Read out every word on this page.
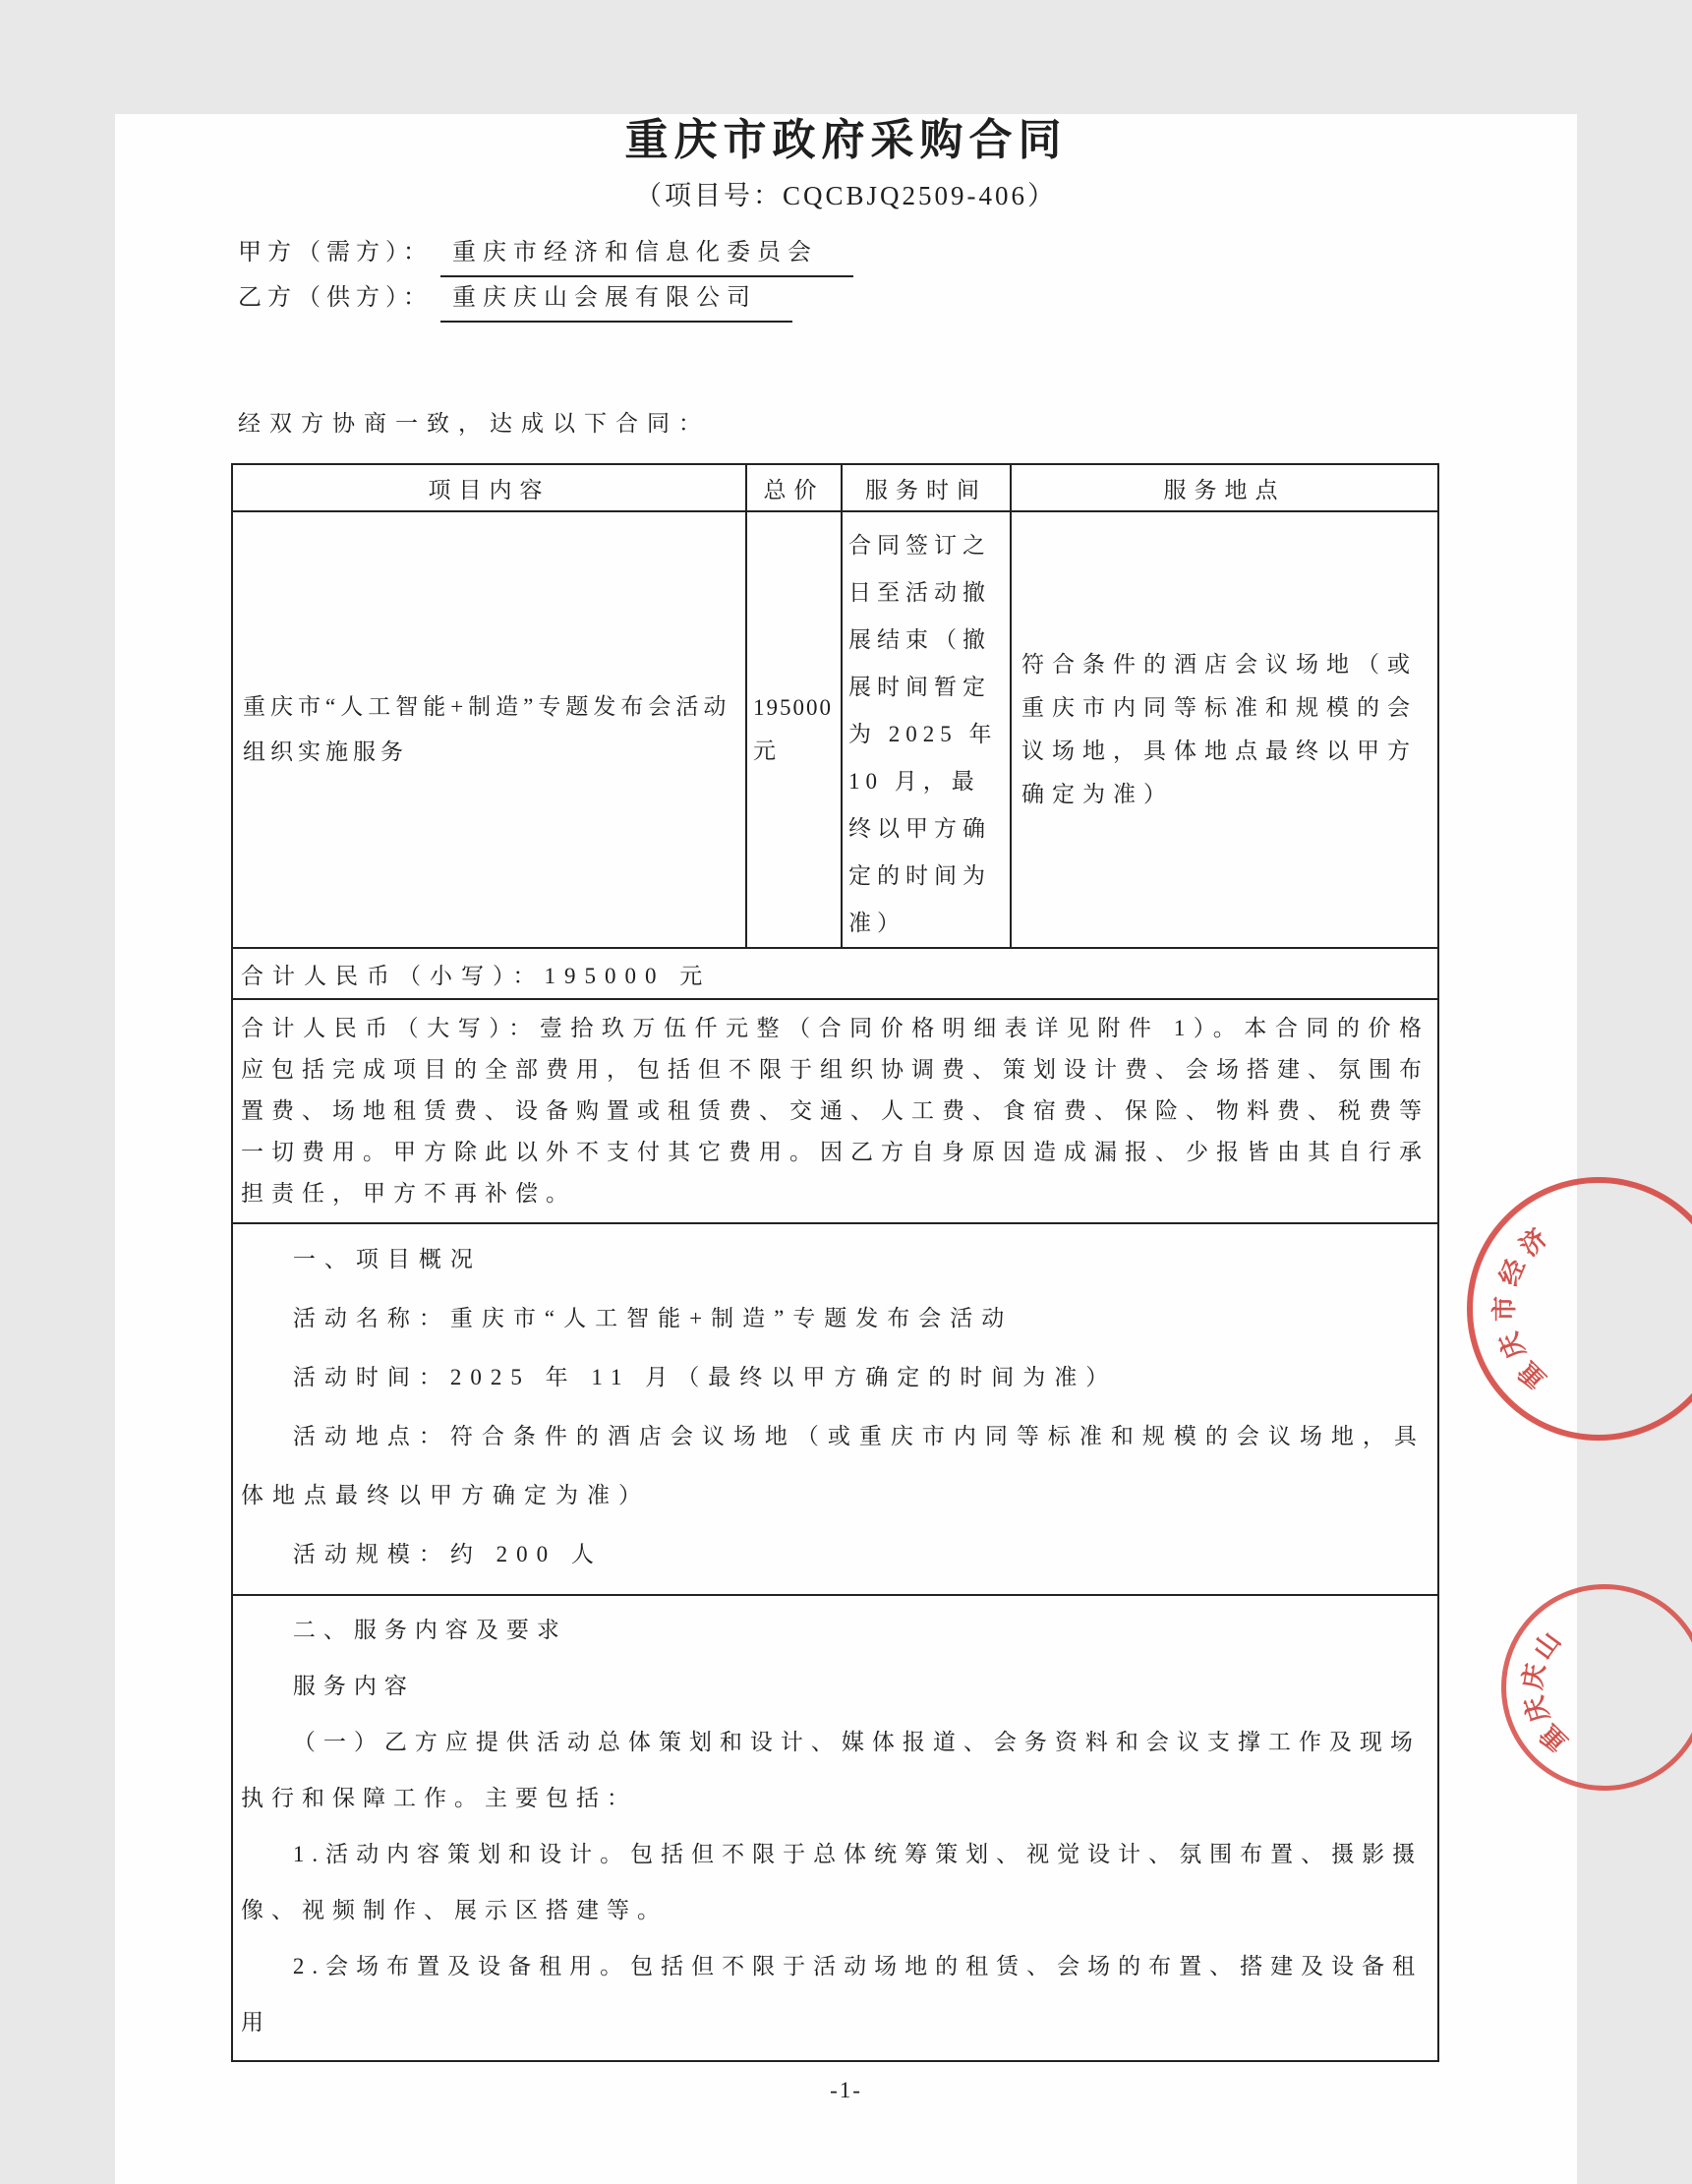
重庆市政府采购合同
（项目号：CQCBJQ2509-406）
甲方（需方）： 重庆市经济和信息化委员会
乙方（供方）： 重庆庆山会展有限公司
经双方协商一致，达成以下合同：
项目内容	总价	服务时间	服务地点
重庆市“人工智能+制造”专题发布会活动组织实施服务	195000 元	合同签订之日至活动撤展结束（撤展时间暂定为 2025 年 10 月，最终以甲方确定的时间为准）	符合条件的酒店会议场地（或重庆市内同等标准和规模的会议场地，具体地点最终以甲方确定为准）
合计人民币（小写）：195000 元			
合计人民币（大写）：壹拾玖万伍仟元整（合同价格明细表详见附件 1）。本合同的价格应包括完成项目的全部费用，包括但不限于组织协调费、策划设计费、会场搭建、氛围布置费、场地租赁费、设备购置或租赁费、交通、人工费、食宿费、保险、物料费、税费等一切费用。甲方除此以外不支付其它费用。因乙方自身原因造成漏报、少报皆由其自行承担责任，甲方不再补偿。			

一、项目概况

活动名称：重庆市“人工智能+制造”专题发布会活动

活动时间：2025 年 11 月（最终以甲方确定的时间为准）

活动地点：符合条件的酒店会议场地（或重庆市内同等标准和规模的会议场地，具体地点最终以甲方确定为准）

活动规模：约 200 人			

二、服务内容及要求

服务内容

（一）乙方应提供活动总体策划和设计、媒体报道、会务资料和会议支撑工作及现场执行和保障工作。主要包括：

1.活动内容策划和设计。包括但不限于总体统筹策划、视觉设计、氛围布置、摄影摄像、视频制作、展示区搭建等。

2.会场布置及设备租用。包括但不限于活动场地的租赁、会场的布置、搭建及设备租用			

-1-
重
庆
市
经
济
重
庆
庆
山
